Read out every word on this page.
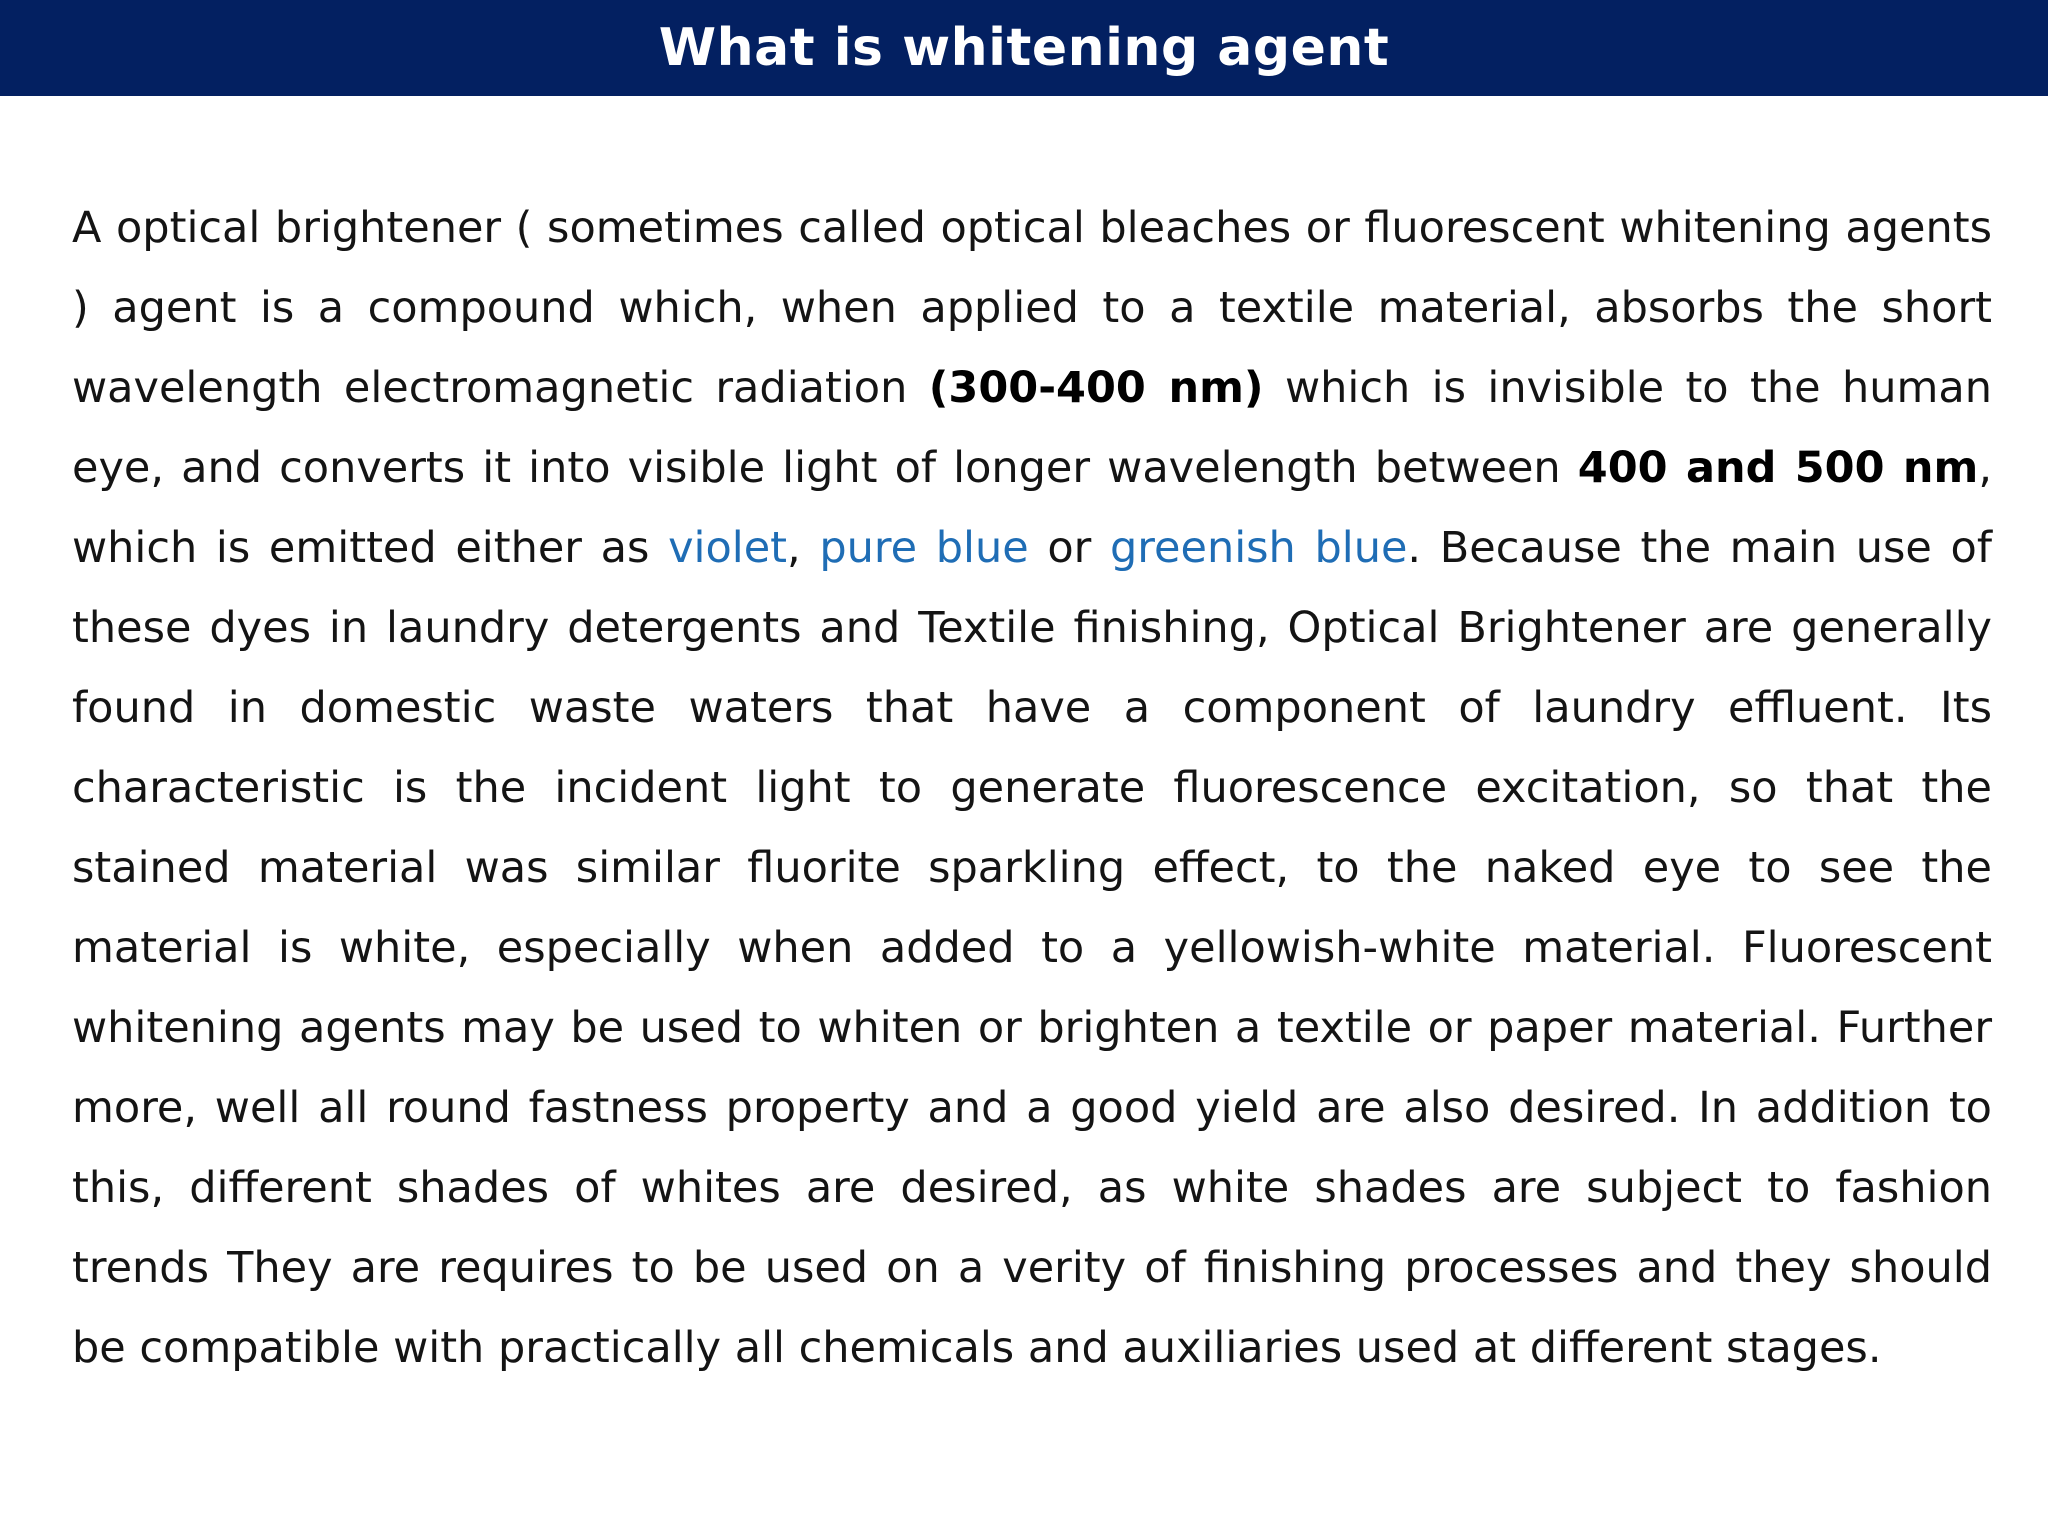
What is whitening agent

A optical brightener ( sometimes called optical bleaches or fluorescent whitening agents ) agent is a compound which, when applied to a textile material, absorbs the short wavelength electromagnetic radiation (300-400 nm) which is invisible to the human eye, and converts it into visible light of longer wavelength between 400 and 500 nm, which is emitted either as violet, pure blue or greenish blue. Because the main use of these dyes in laundry detergents and Textile finishing, Optical Brightener are generally found in domestic waste waters that have a component of laundry effluent. Its characteristic is the incident light to generate fluorescence excitation, so that the stained material was similar fluorite sparkling effect, to the naked eye to see the material is white, especially when added to a yellowish-white material. Fluorescent whitening agents may be used to whiten or brighten a textile or paper material. Further more, well all round fastness property and a good yield are also desired. In addition to this, different shades of whites are desired, as white shades are subject to fashion trends They are requires to be used on a verity of finishing processes and they should be compatible with practically all chemicals and auxiliaries used at different stages.
